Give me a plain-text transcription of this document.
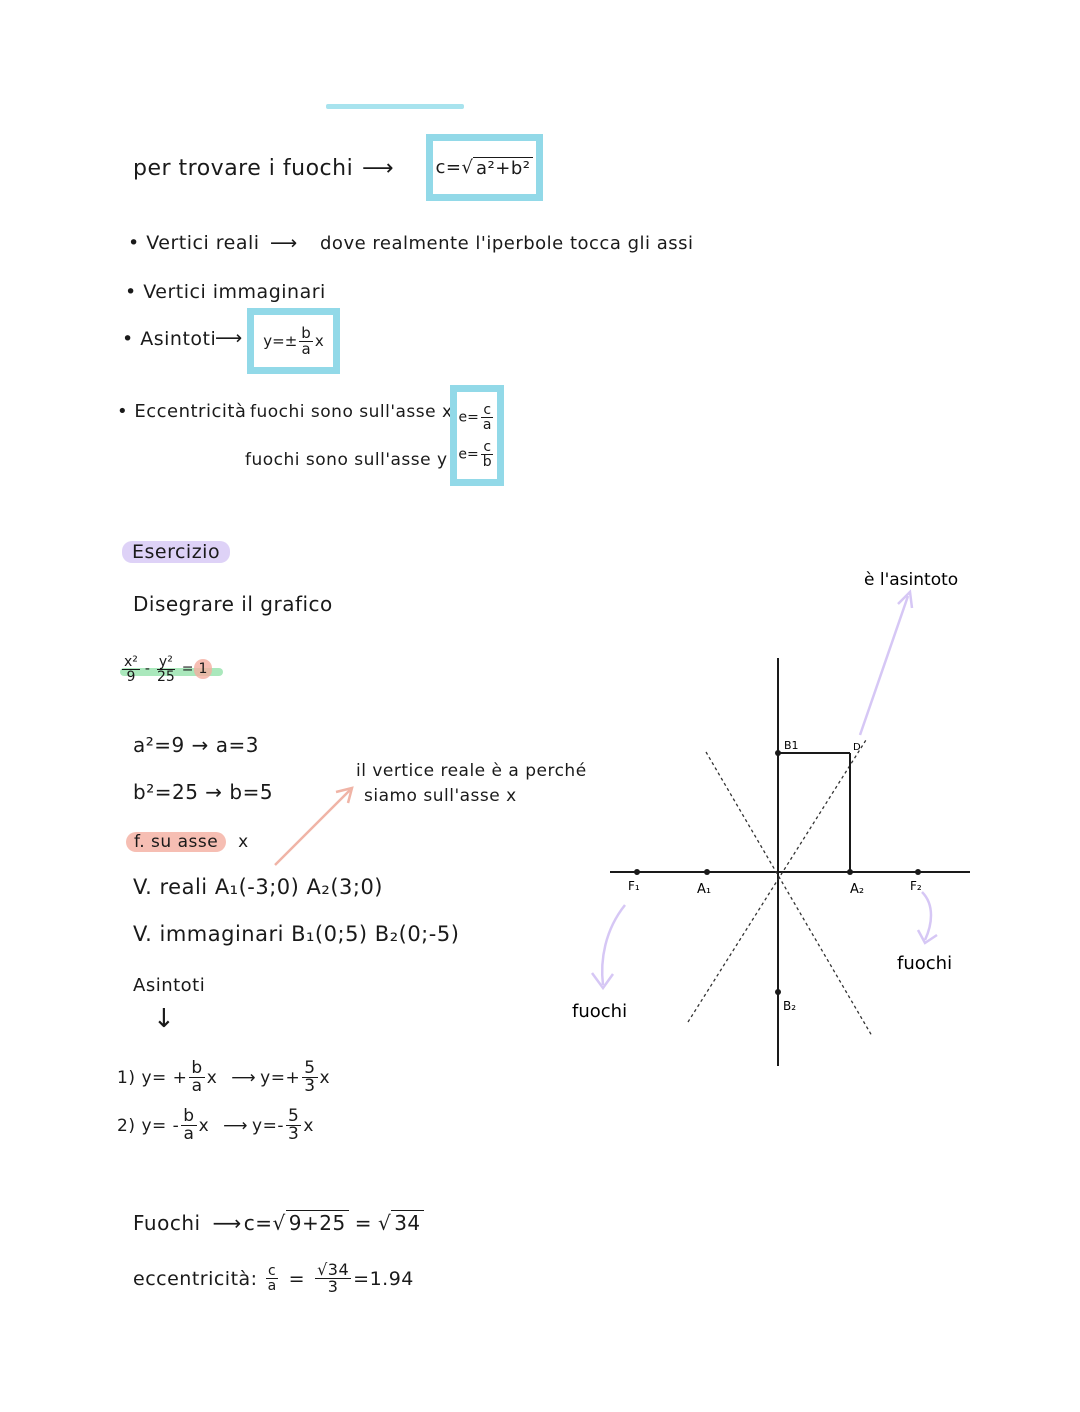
per trovare i fuochi ⟶ c= √ a²+b²
• Vertici reali ⟶ dove realmente l'iperbole tocca gli assi
• Vertici immaginari
• Asintoti
⟶ $y= \pm \frac{b}{a}$ x
• Eccentricità fuochi sono sull'asse x
fuochi sono sull'asse y
$e= \frac{c}{a}$
$e= \frac{c}{b}$
Esercizio
Disegrare il grafico
$\frac{\text{x²}}{9} - \frac{\text{y²}}{25} = 1$
a²=9 → a=3
b²=25 → b=5
il vertice reale è a perché
siamo sull'asse x
f. su asse x
V. reali A₁(-3;0) A₂(3;0)
V. immaginari B₁(0;5) B₂(0;-5)
Asintoti
↓
1) $y= + \frac{b}{a}$ x ⟶ $y=+ \frac{5}{3}$ x
2) $y= - \frac{b}{a}$ x ⟶ $y=- \frac{5}{3}$ x
Fuochi ⟶ c= √ 9+25 = √ 34
eccentricità: $\frac{c}{a} = \frac{√34}{3} =1.94$
B1
B₂
A₁	A₂
F₁	F₂
D
è l'asintoto
fuochi
fuochi
